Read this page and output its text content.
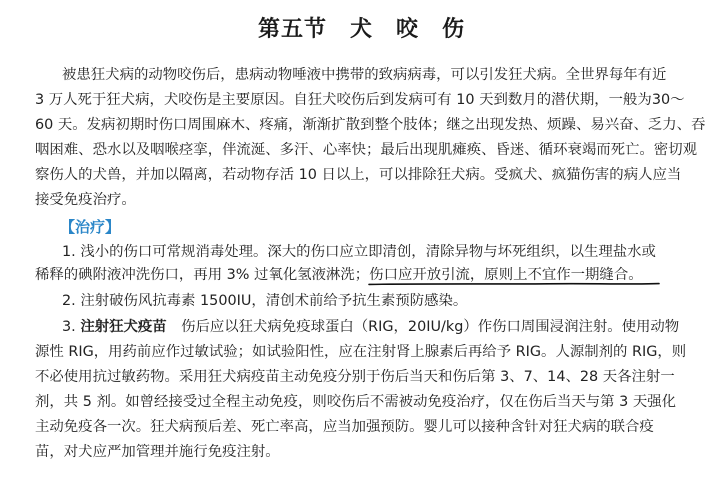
第五节　犬　咬　伤
被患狂犬病的动物咬伤后，患病动物唾液中携带的致病病毒，可以引发狂犬病。全世界每年有近
3 万人死于狂犬病，犬咬伤是主要原因。自狂犬咬伤后到发病可有 10 天到数月的潜伏期，一般为30～
60 天。发病初期时伤口周围麻木、疼痛，渐渐扩散到整个肢体；继之出现发热、烦躁、易兴奋、乏力、吞
咽困难、恐水以及咽喉痉挛，伴流涎、多汗、心率快；最后出现肌瘫痪、昏迷、循环衰竭而死亡。密切观
察伤人的犬兽，并加以隔离，若动物存活 10 日以上，可以排除狂犬病。受疯犬、疯猫伤害的病人应当
接受免疫治疗。
【治疗】
1. 浅小的伤口可常规消毒处理。深大的伤口应立即清创，清除异物与坏死组织，以生理盐水或
稀释的碘附液冲洗伤口，再用 3% 过氧化氢液淋洗；伤口应开放引流，原则上不宜作一期缝合。
2. 注射破伤风抗毒素 1500IU，清创术前给予抗生素预防感染。
3. 注射狂犬疫苗　伤后应以狂犬病免疫球蛋白（RIG，20IU/kg）作伤口周围浸润注射。使用动物
源性 RIG，用药前应作过敏试验；如试验阳性，应在注射肾上腺素后再给予 RIG。人源制剂的 RIG，则
不必使用抗过敏药物。采用狂犬病疫苗主动免疫分别于伤后当天和伤后第 3、7、14、28 天各注射一
剂，共 5 剂。如曾经接受过全程主动免疫，则咬伤后不需被动免疫治疗，仅在伤后当天与第 3 天强化
主动免疫各一次。狂犬病预后差、死亡率高，应当加强预防。婴儿可以接种含针对狂犬病的联合疫
苗，对犬应严加管理并施行免疫注射。
